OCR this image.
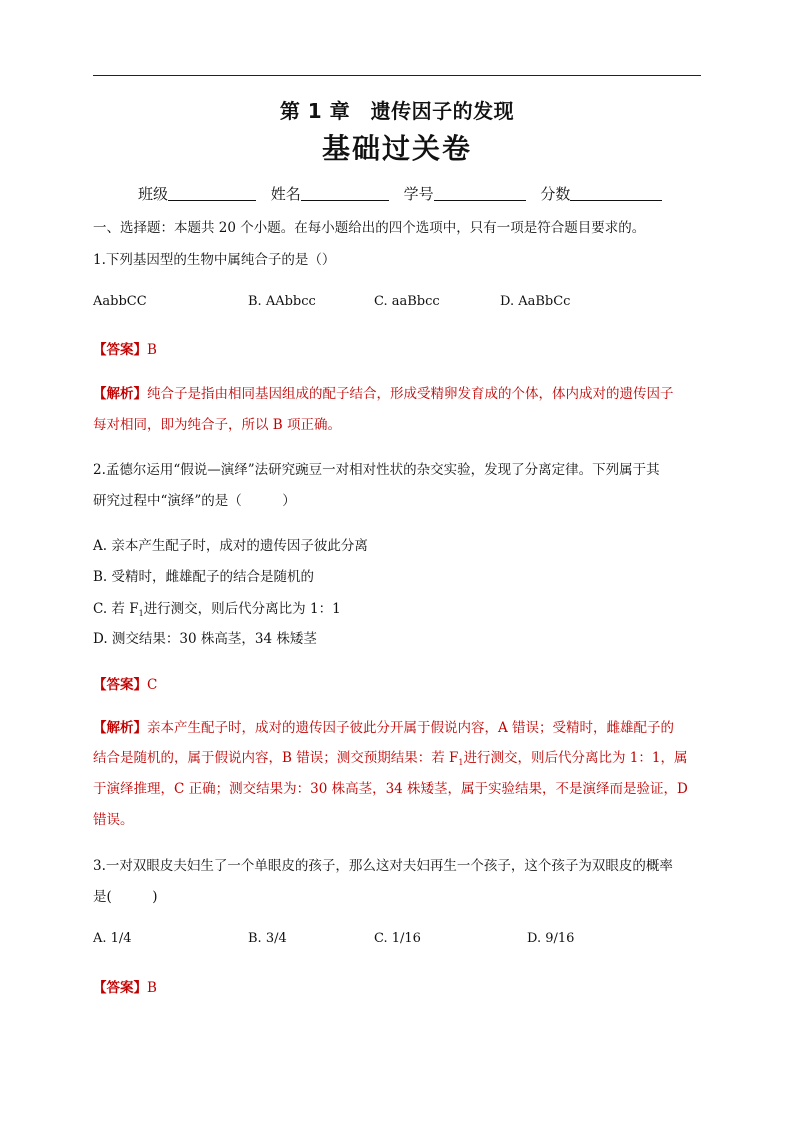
第 1 章　遗传因子的发现
基础过关卷
班级	姓名	学号	分数
一、选择题：本题共 20 个小题。在每小题给出的四个选项中，只有一项是符合题目要求的。
1.下列基因型的生物中属纯合子的是（）
AabbCC	B. AAbbcc	C. aaBbcc	D. AaBbCc
【答案】B
【解析】纯合子是指由相同基因组成的配子结合，形成受精卵发育成的个体，体内成对的遗传因子
每对相同，即为纯合子，所以 B 项正确。
2.孟德尔运用“假说—演绎”法研究豌豆一对相对性状的杂交实验，发现了分离定律。下列属于其
研究过程中“演绎”的是（　　　）
A. 亲本产生配子时，成对的遗传因子彼此分离
B. 受精时，雌雄配子的结合是随机的
C. 若 $F_1$进行测交，则后代分离比为 1：1
D. 测交结果：30 株高茎，34 株矮茎
【答案】C
【解析】亲本产生配子时，成对的遗传因子彼此分开属于假说内容，A 错误；受精时，雌雄配子的
结合是随机的，属于假说内容，B 错误；测交预期结果：若 $F_1$进行测交，则后代分离比为 1：1，属
于演绎推理，C 正确；测交结果为：30 株高茎，34 株矮茎，属于实验结果，不是演绎而是验证，D
错误。
3.一对双眼皮夫妇生了一个单眼皮的孩子，那么这对夫妇再生一个孩子，这个孩子为双眼皮的概率
是(　　　)
A. 1/4	B. 3/4	C. 1/16	D. 9/16
【答案】B
